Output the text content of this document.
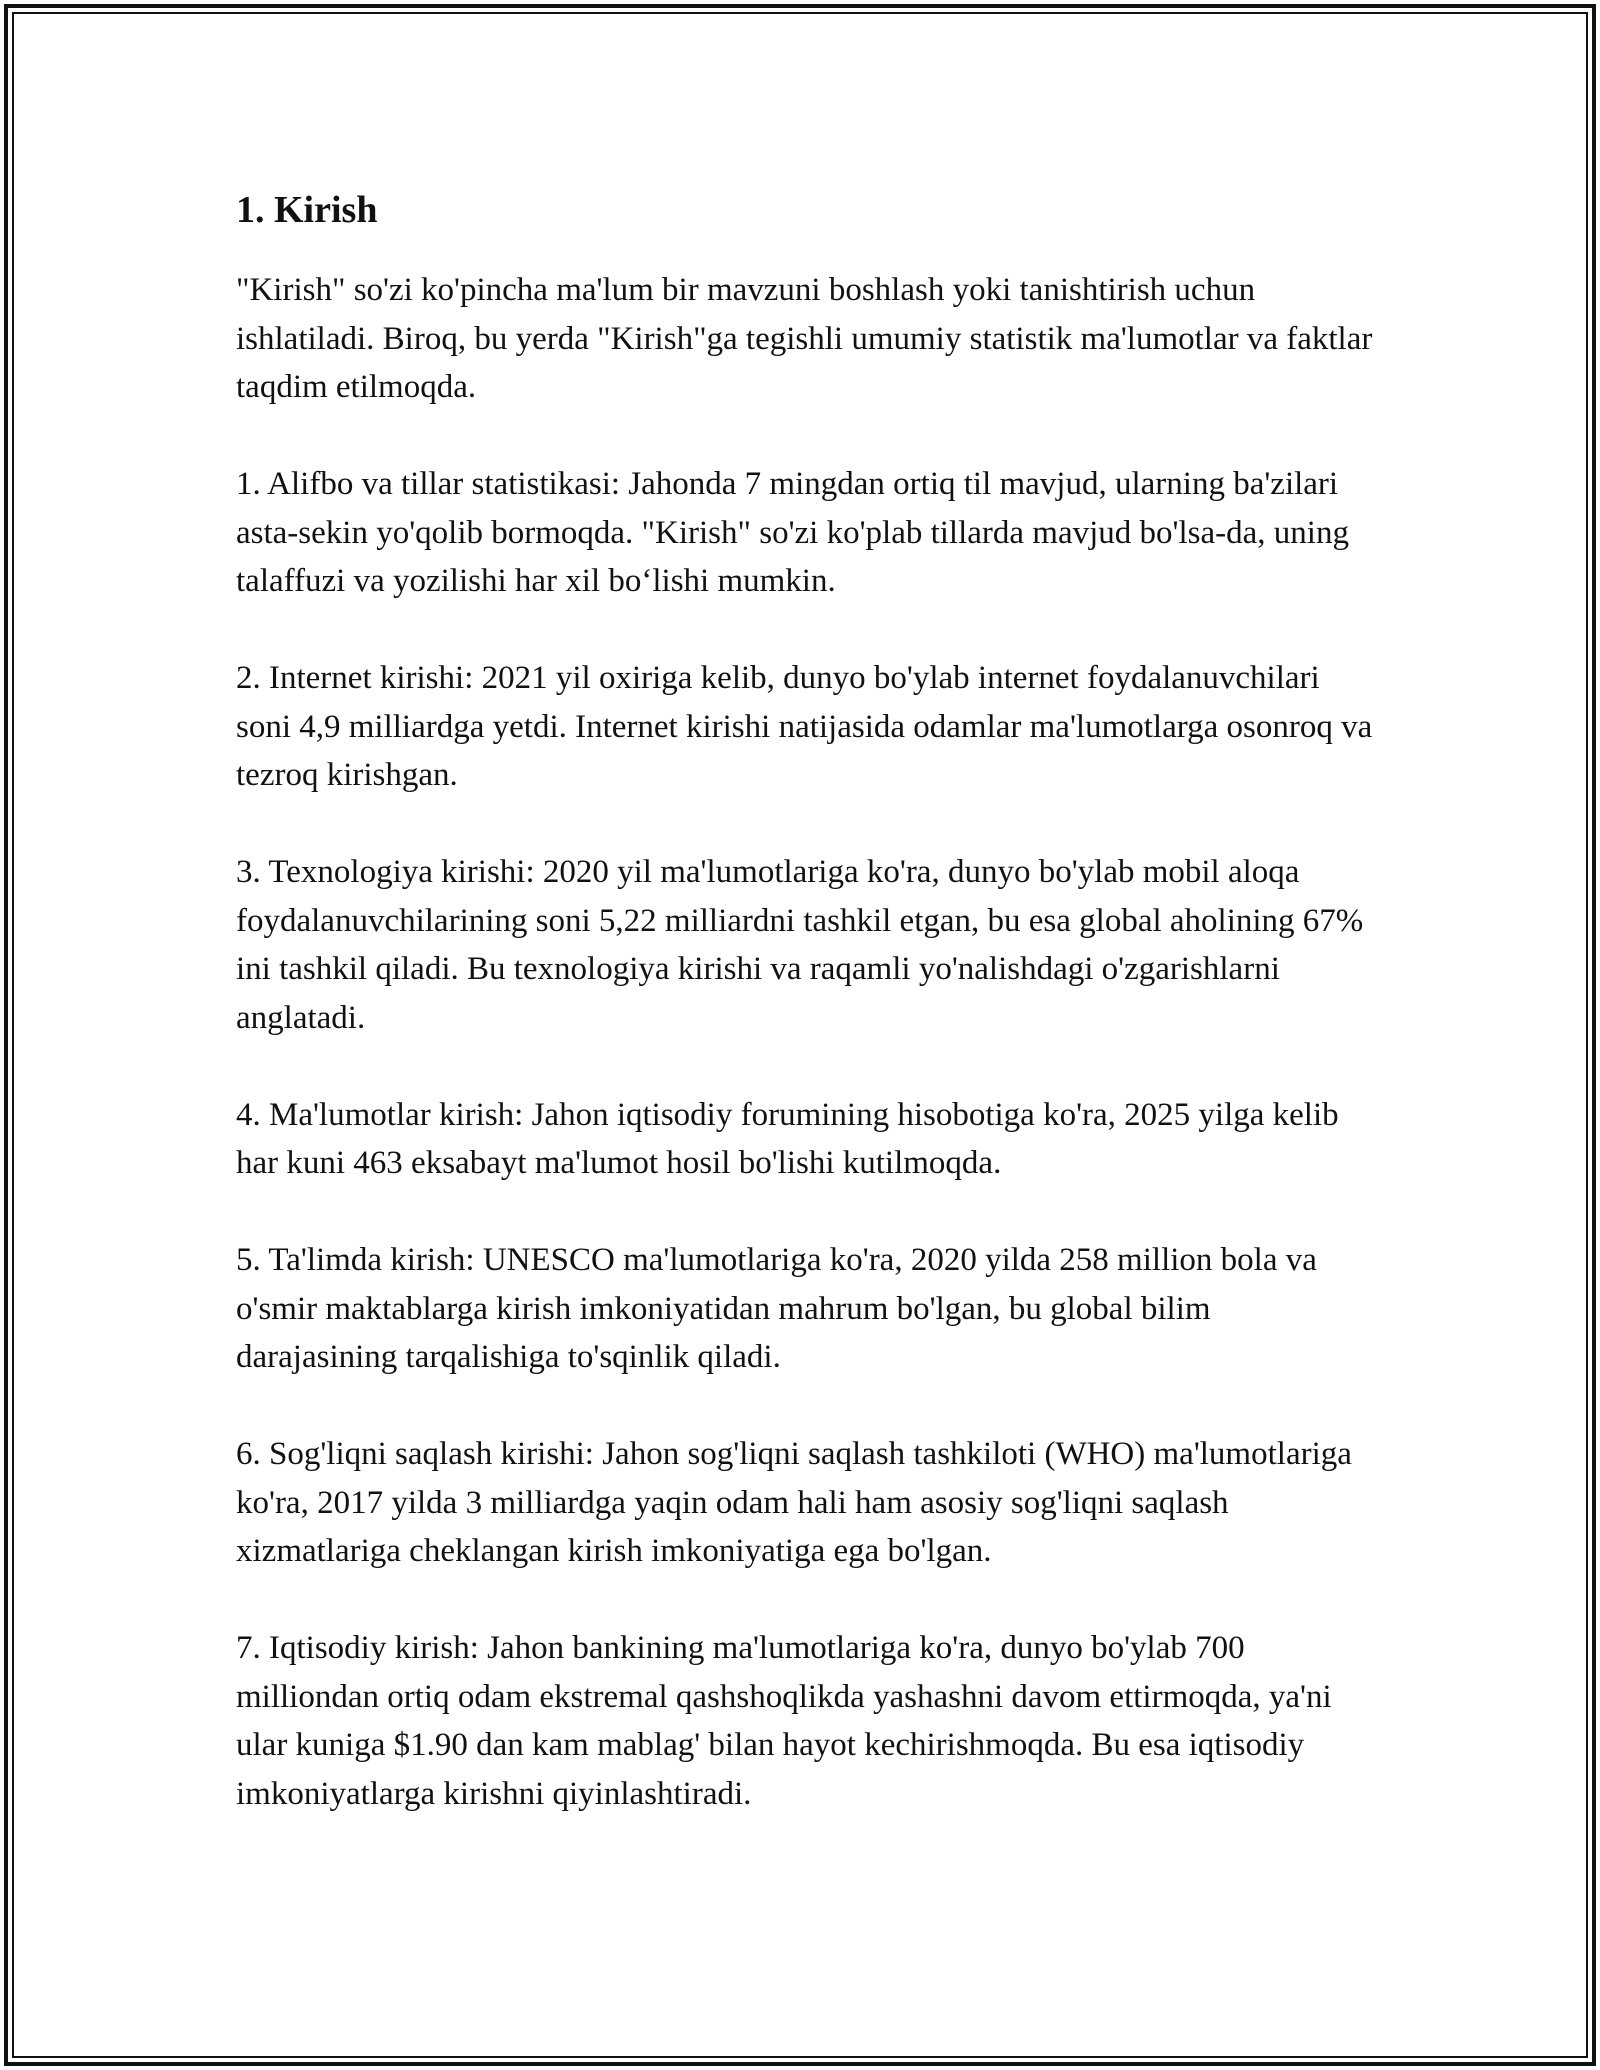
1. Kirish

"Kirish" so'zi ko'pincha ma'lum bir mavzuni boshlash yoki tanishtirish uchun ishlatiladi. Biroq, bu yerda "Kirish"ga tegishli umumiy statistik ma'lumotlar va faktlar taqdim etilmoqda.

1. Alifbo va tillar statistikasi: Jahonda 7 mingdan ortiq til mavjud, ularning ba'zilari asta-sekin yo'qolib bormoqda. "Kirish" so'zi ko'plab tillarda mavjud bo'lsa-da, uning talaffuzi va yozilishi har xil bo‘lishi mumkin.

2. Internet kirishi: 2021 yil oxiriga kelib, dunyo bo'ylab internet foydalanuvchilari soni 4,9 milliardga yetdi. Internet kirishi natijasida odamlar ma'lumotlarga osonroq va tezroq kirishgan.

3. Texnologiya kirishi: 2020 yil ma'lumotlariga ko'ra, dunyo bo'ylab mobil aloqa foydalanuvchilarining soni 5,22 milliardni tashkil etgan, bu esa global aholining 67% ini tashkil qiladi. Bu texnologiya kirishi va raqamli yo'nalishdagi o'zgarishlarni anglatadi.

4. Ma'lumotlar kirish: Jahon iqtisodiy forumining hisobotiga ko'ra, 2025 yilga kelib har kuni 463 eksabayt ma'lumot hosil bo'lishi kutilmoqda.

5. Ta'limda kirish: UNESCO ma'lumotlariga ko'ra, 2020 yilda 258 million bola va o'smir maktablarga kirish imkoniyatidan mahrum bo'lgan, bu global bilim darajasining tarqalishiga to'sqinlik qiladi.

6. Sog'liqni saqlash kirishi: Jahon sog'liqni saqlash tashkiloti (WHO) ma'lumotlariga ko'ra, 2017 yilda 3 milliardga yaqin odam hali ham asosiy sog'liqni saqlash xizmatlariga cheklangan kirish imkoniyatiga ega bo'lgan.

7. Iqtisodiy kirish: Jahon bankining ma'lumotlariga ko'ra, dunyo bo'ylab 700 milliondan ortiq odam ekstremal qashshoqlikda yashashni davom ettirmoqda, ya'ni ular kuniga $1.90 dan kam mablag' bilan hayot kechirishmoqda. Bu esa iqtisodiy imkoniyatlarga kirishni qiyinlashtiradi.
